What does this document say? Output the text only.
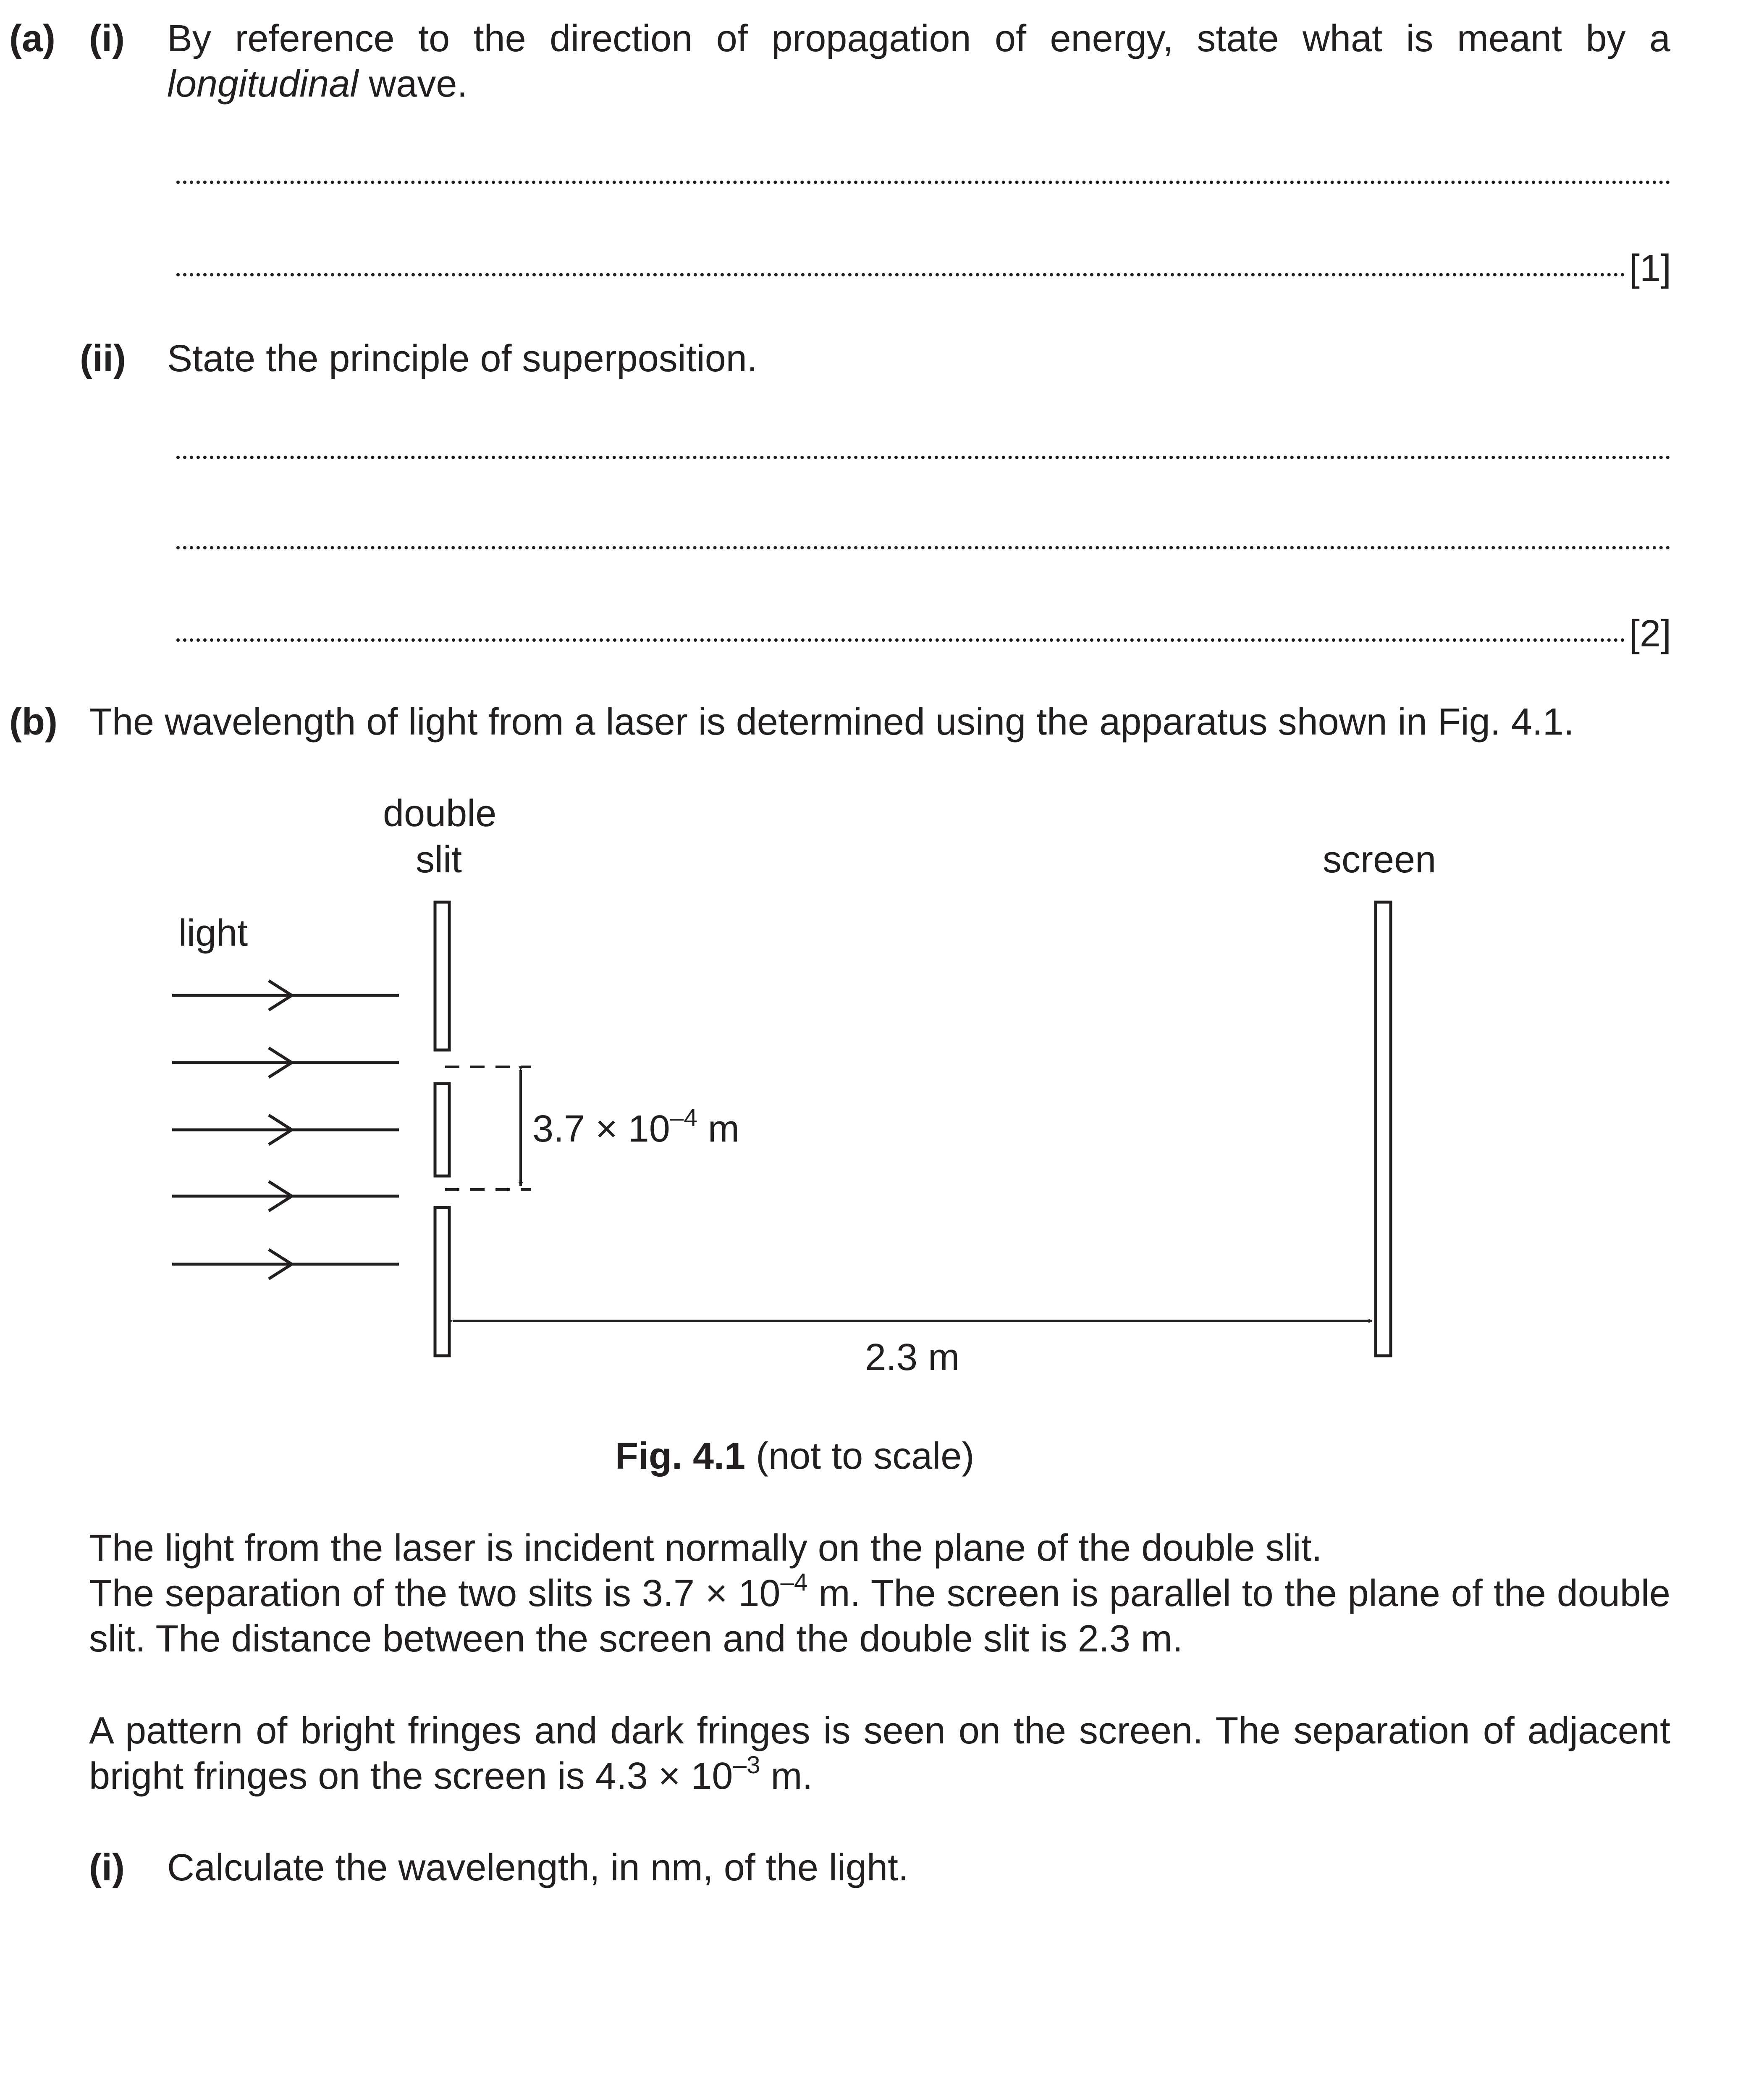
(a) (i) By reference to the direction of propagation of energy, state what is meant by a
longitudinal wave.
[1]
(ii) State the principle of superposition.
[2]
(b) The wavelength of light from a laser is determined using the apparatus shown in Fig. 4.1.
double
slit	screen
light
$3.7 \times 10^{-4}$ m
2.3 m
Fig. 4.1 (not to scale)
The light from the laser is incident normally on the plane of the double slit.
The separation of the two slits is $3.7 \times 10^{-4}$ m. The screen is parallel to the plane of the double
slit. The distance between the screen and the double slit is 2.3 m.
A pattern of bright fringes and dark fringes is seen on the screen. The separation of adjacent
bright fringes on the screen is $4.3 \times 10^{-3}$ m.
(i) Calculate the wavelength, in nm, of the light.
